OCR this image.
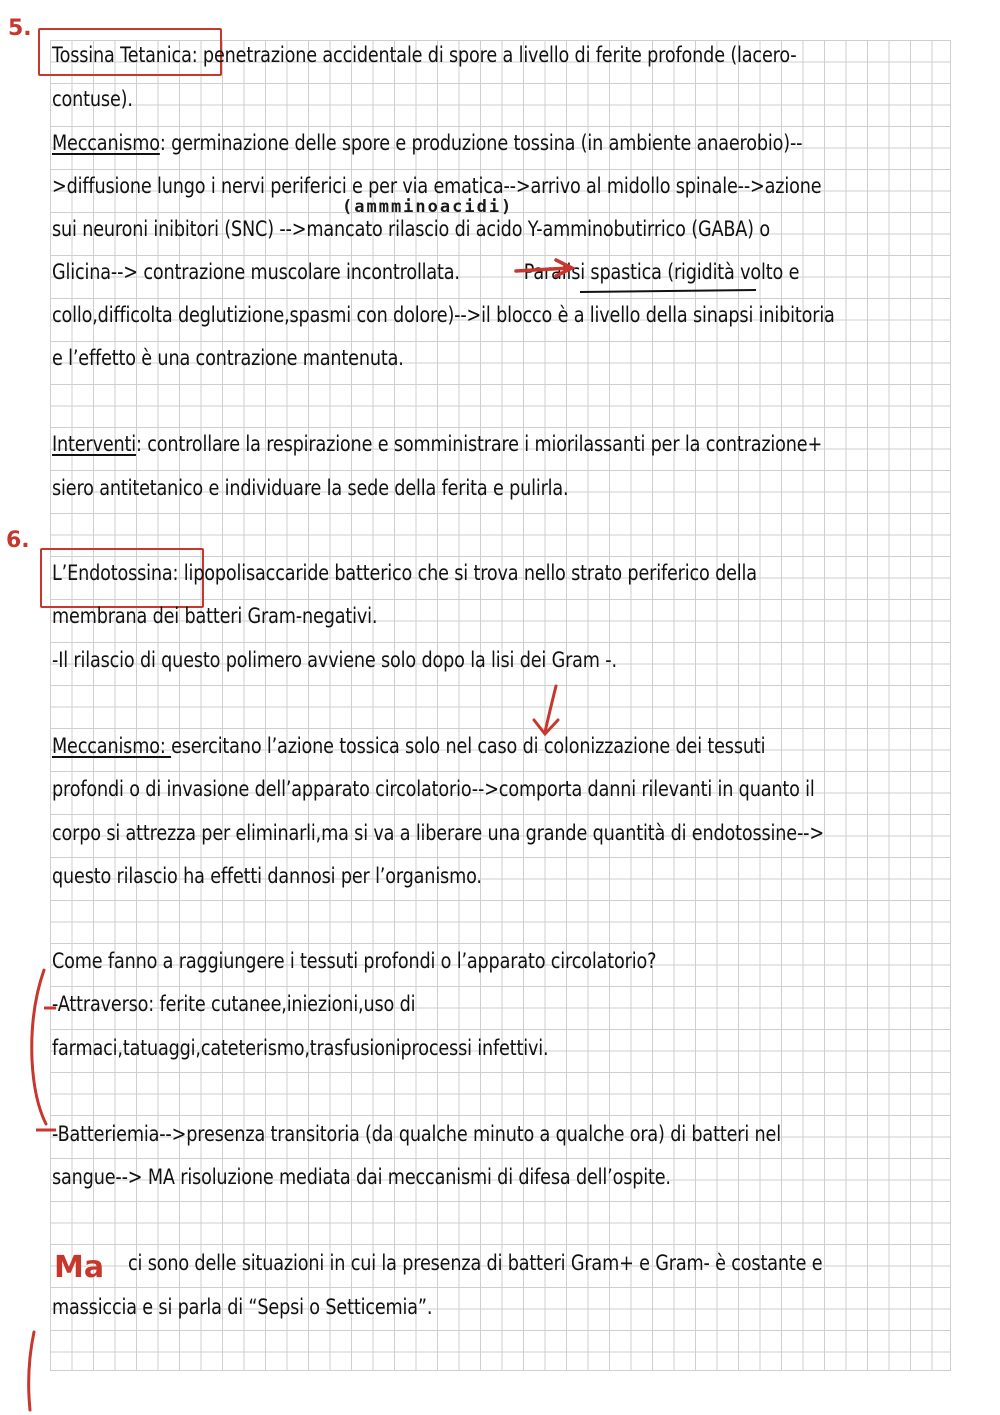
5.
Tossina Tetanica: penetrazione accidentale di spore a livello di ferite profonde (lacero-
contuse).
Meccanismo: germinazione delle spore e produzione tossina (in ambiente anaerobio)--
>diffusione lungo i nervi periferici e per via ematica-->arrivo al midollo spinale-->azione
(ammminoacidi)
sui neuroni inibitori (SNC) -->mancato rilascio di acido Y-amminobutirrico (GABA) o
Glicina--> contrazione muscolare incontrollata.	Paralisi spastica (rigidità volto e
collo,difficolta deglutizione,spasmi con dolore)-->il blocco è a livello della sinapsi inibitoria
e l’effetto è una contrazione mantenuta.
Interventi: controllare la respirazione e somministrare i miorilassanti per la contrazione+
siero antitetanico e individuare la sede della ferita e pulirla.
6.
L’Endotossina: lipopolisaccaride batterico che si trova nello strato periferico della
membrana dei batteri Gram-negativi.
-Il rilascio di questo polimero avviene solo dopo la lisi dei Gram -.
Meccanismo: esercitano l’azione tossica solo nel caso di colonizzazione dei tessuti
profondi o di invasione dell’apparato circolatorio-->comporta danni rilevanti in quanto il
corpo si attrezza per eliminarli,ma si va a liberare una grande quantità di endotossine-->
questo rilascio ha effetti dannosi per l’organismo.
Come fanno a raggiungere i tessuti profondi o l’apparato circolatorio?
-Attraverso: ferite cutanee,iniezioni,uso di
farmaci,tatuaggi,cateterismo,trasfusioniprocessi infettivi.
-Batteriemia-->presenza transitoria (da qualche minuto a qualche ora) di batteri nel
sangue--> MA risoluzione mediata dai meccanismi di difesa dell’ospite.
Ma ci sono delle situazioni in cui la presenza di batteri Gram+ e Gram- è costante e
massiccia e si parla di “Sepsi o Setticemia”.
